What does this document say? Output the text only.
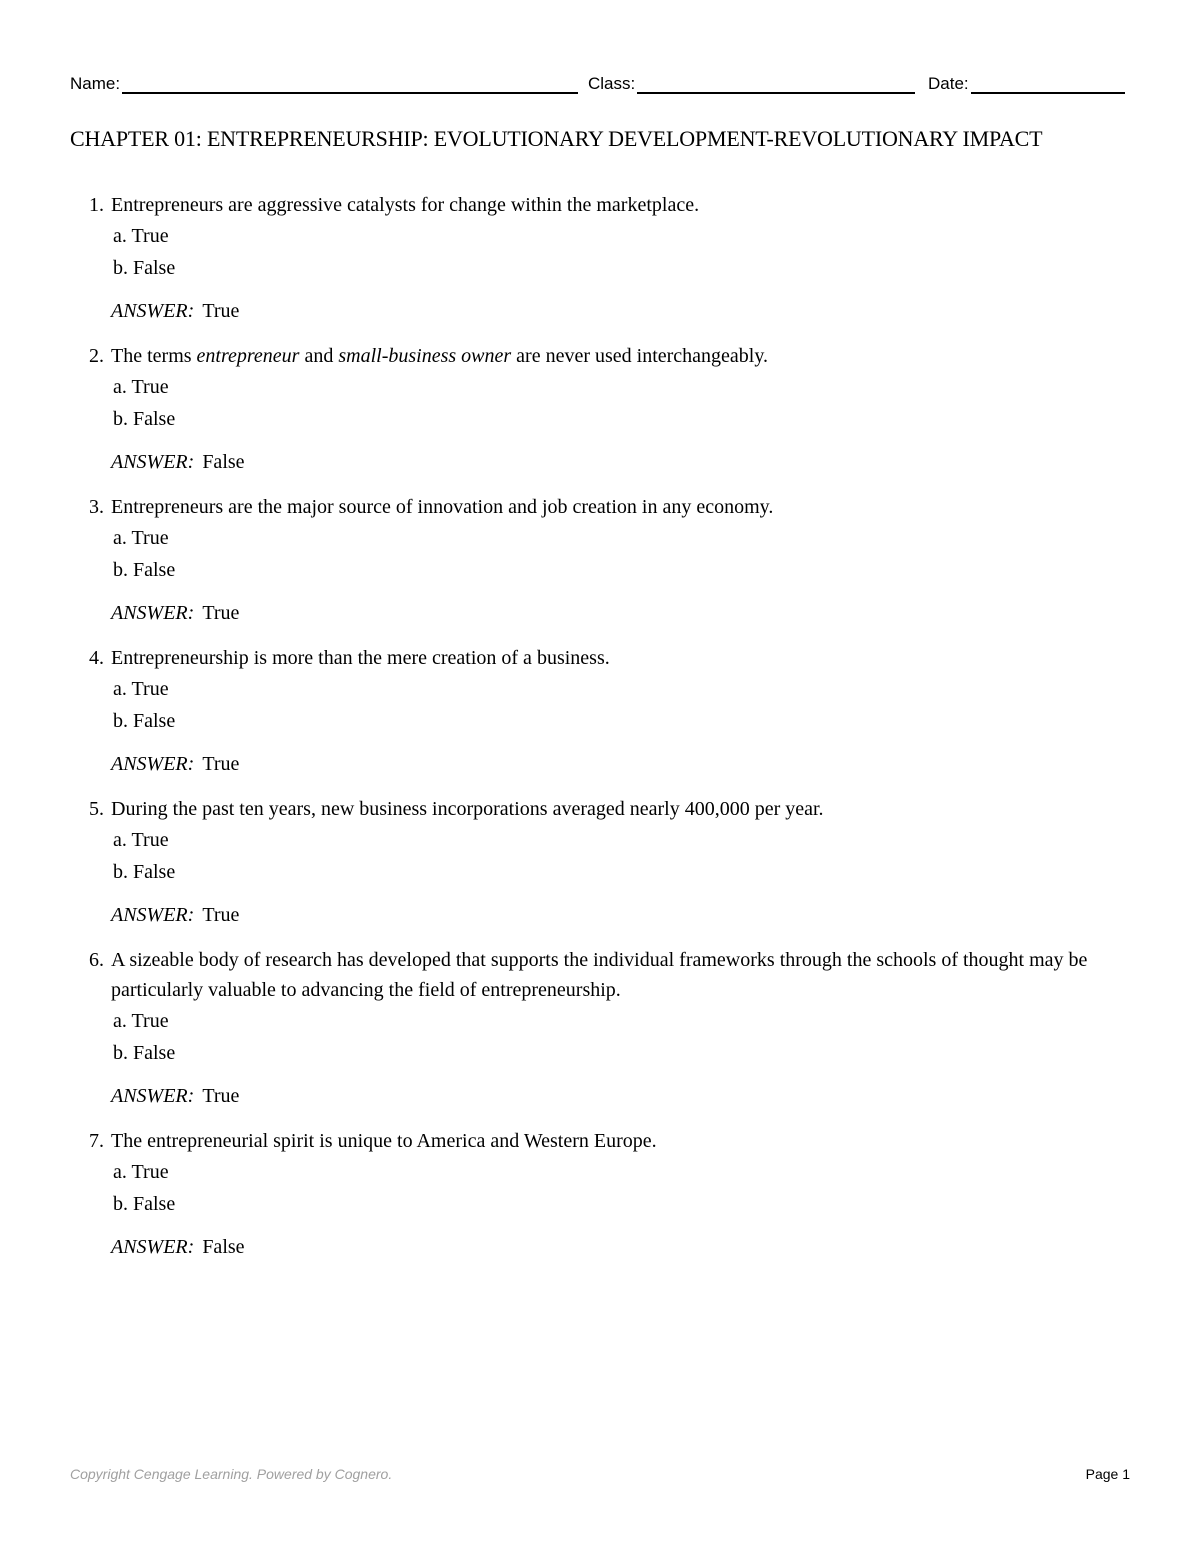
Name:	Class:	Date:
CHAPTER 01: ENTREPRENEURSHIP: EVOLUTIONARY DEVELOPMENT-REVOLUTIONARY IMPACT
1. Entrepreneurs are aggressive catalysts for change within the marketplace.
a. True
b. False
ANSWER: True
2. The terms entrepreneur and small-business owner are never used interchangeably.
a. True
b. False
ANSWER: False
3. Entrepreneurs are the major source of innovation and job creation in any economy.
a. True
b. False
ANSWER: True
4. Entrepreneurship is more than the mere creation of a business.
a. True
b. False
ANSWER: True
5. During the past ten years, new business incorporations averaged nearly 400,000 per year.
a. True
b. False
ANSWER: True
6. A sizeable body of research has developed that supports the individual frameworks through the schools of thought may be particularly valuable to advancing the field of entrepreneurship.
a. True
b. False
ANSWER: True
7. The entrepreneurial spirit is unique to America and Western Europe.
a. True
b. False
ANSWER: False
Copyright Cengage Learning. Powered by Cognero.	Page 1
